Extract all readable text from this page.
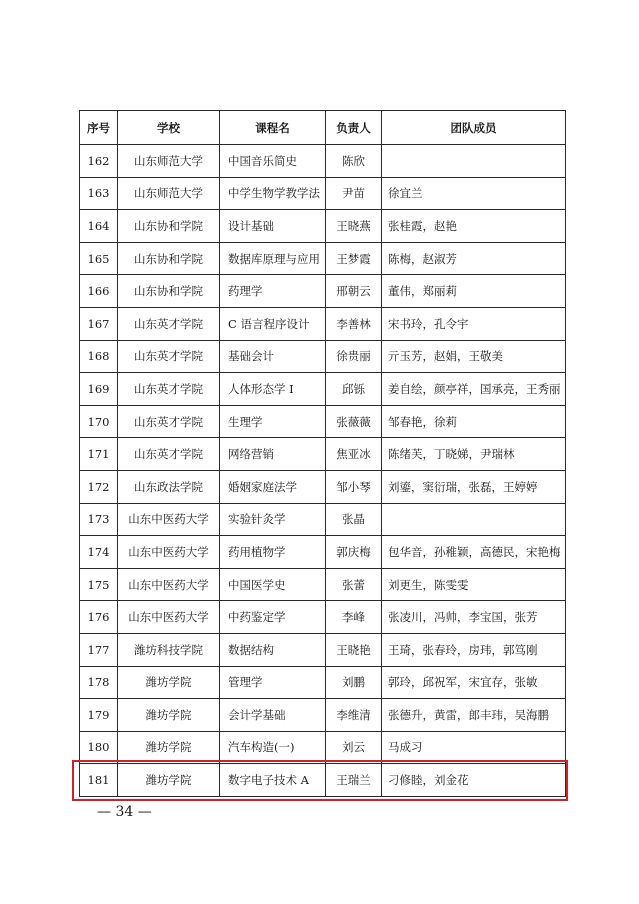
序号	学校	课程名	负责人	团队成员
162	山东师范大学	中国音乐简史	陈欣	
163	山东师范大学	中学生物学教学法	尹苗	徐宜兰
164	山东协和学院	设计基础	王晓燕	张桂霞，赵艳
165	山东协和学院	数据库原理与应用	王梦霞	陈梅，赵淑芳
166	山东协和学院	药理学	邢朝云	董伟，郑丽莉
167	山东英才学院	C 语言程序设计	李善林	宋书玲，孔令宇
168	山东英才学院	基础会计	徐贵丽	亓玉芳，赵娟，王敬美
169	山东英才学院	人体形态学 I	邱铄	姜自绘，颜亭祥，国承亮，王秀丽
170	山东英才学院	生理学	张薇薇	邹春艳，徐莉
171	山东英才学院	网络营销	焦亚冰	陈绪芙，丁晓娣，尹瑞林
172	山东政法学院	婚姻家庭法学	邹小琴	刘鎏，窦衍瑞，张磊，王婷婷
173	山东中医药大学	实验针灸学	张晶	
174	山东中医药大学	药用植物学	郭庆梅	包华音，孙稚颖，高德民，宋艳梅
175	山东中医药大学	中国医学史	张蕾	刘更生，陈雯雯
176	山东中医药大学	中药鉴定学	李峰	张凌川，冯帅，李宝国，张芳
177	潍坊科技学院	数据结构	王晓艳	王琦，张春玲，房玮，郭笃刚
178	潍坊学院	管理学	刘鹏	郭玲，邱祝军，宋宜存，张敏
179	潍坊学院	会计学基础	李维清	张德升，黄雷，郎丰玮，吴海鹏
180	潍坊学院	汽车构造(一)	刘云	马成习
181	潍坊学院	数字电子技术 A	王瑞兰	刁修睦，刘金花
— 34 —
